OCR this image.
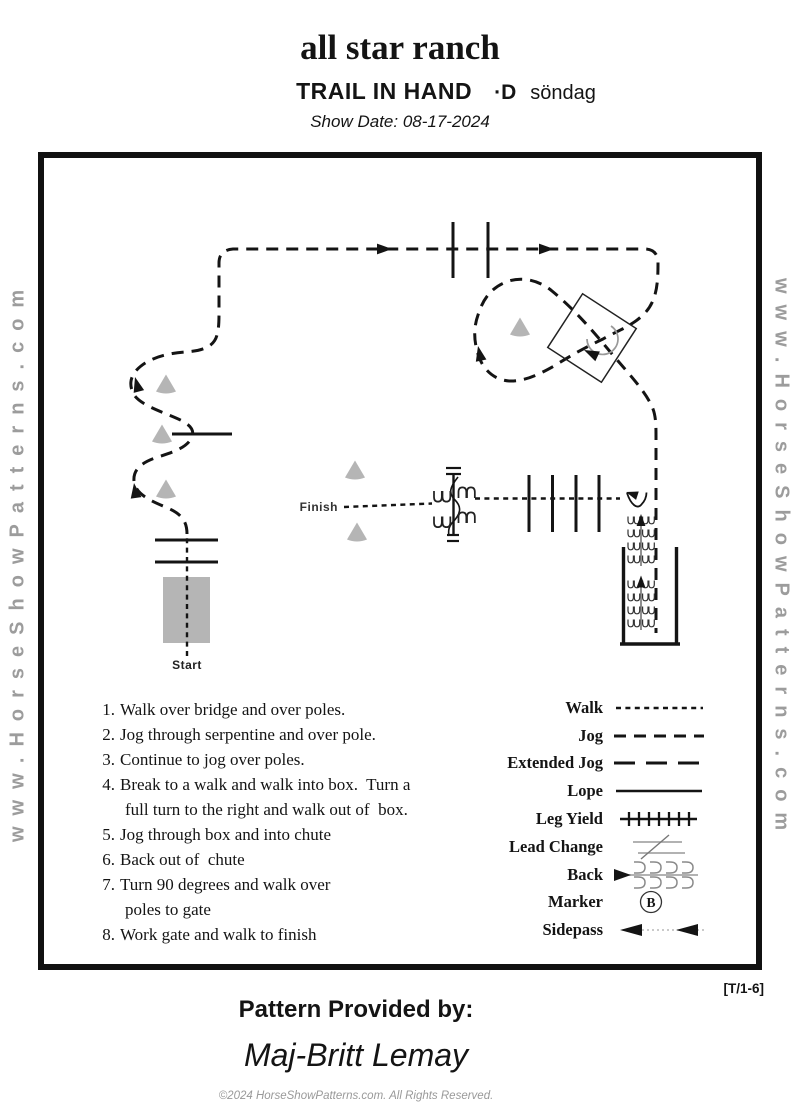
www.HorseShowPatterns.com	www.HorseShowPatterns.com
all star ranch
TRAIL IN HAND ·D söndag
Show Date: 08-17-2024
Start
Finish
1. Walk over bridge and over poles.
2. Jog through serpentine and over pole.
3. Continue to jog over poles.
4. Break to a walk and walk into box.  Turn a
full turn to the right and walk out of  box.
5. Jog through box and into chute
6. Back out of  chute
7. Turn 90 degrees and walk over
poles to gate
8. Work gate and walk to finish
Walk
Jog
Extended Jog
Lope
Leg Yield
Lead Change
Back
Marker	B
Sidepass
[T/1-6]
Pattern Provided by:
Maj-Britt Lemay
©2024 HorseShowPatterns.com. All Rights Reserved.
